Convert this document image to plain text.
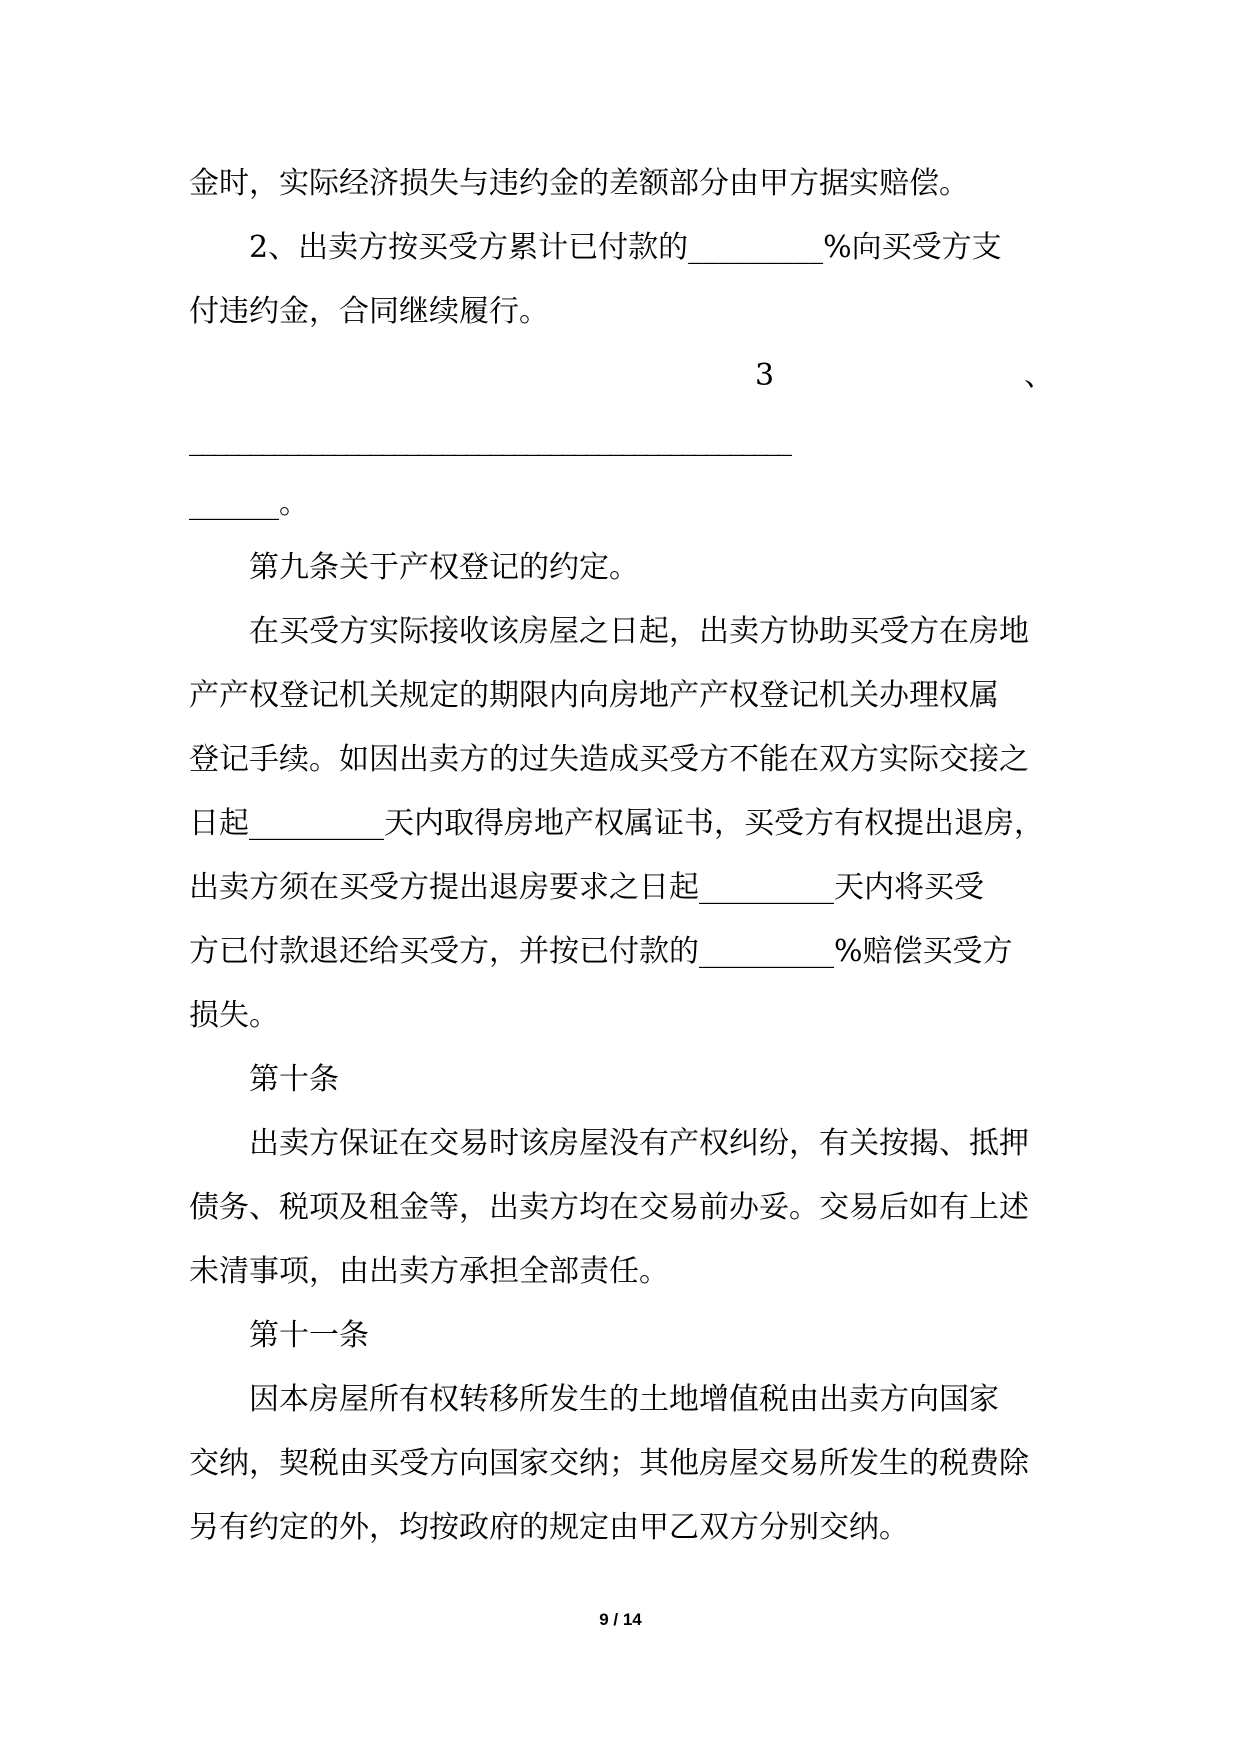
金时，实际经济损失与违约金的差额部分由甲方据实赔偿。
2、出卖方按买受方累计已付款的_________%向买受方支
付违约金，合同继续履行。
3	、
__________________________________________________
______。
第九条关于产权登记的约定。
在买受方实际接收该房屋之日起，出卖方协助买受方在房地
产产权登记机关规定的期限内向房地产产权登记机关办理权属
登记手续。如因出卖方的过失造成买受方不能在双方实际交接之
日起_________天内取得房地产权属证书，买受方有权提出退房，
出卖方须在买受方提出退房要求之日起_________天内将买受
方已付款退还给买受方，并按已付款的_________%赔偿买受方
损失。
第十条
出卖方保证在交易时该房屋没有产权纠纷，有关按揭、抵押
债务、税项及租金等，出卖方均在交易前办妥。交易后如有上述
未清事项，由出卖方承担全部责任。
第十一条
因本房屋所有权转移所发生的土地增值税由出卖方向国家
交纳，契税由买受方向国家交纳；其他房屋交易所发生的税费除
另有约定的外，均按政府的规定由甲乙双方分别交纳。
9 / 14
